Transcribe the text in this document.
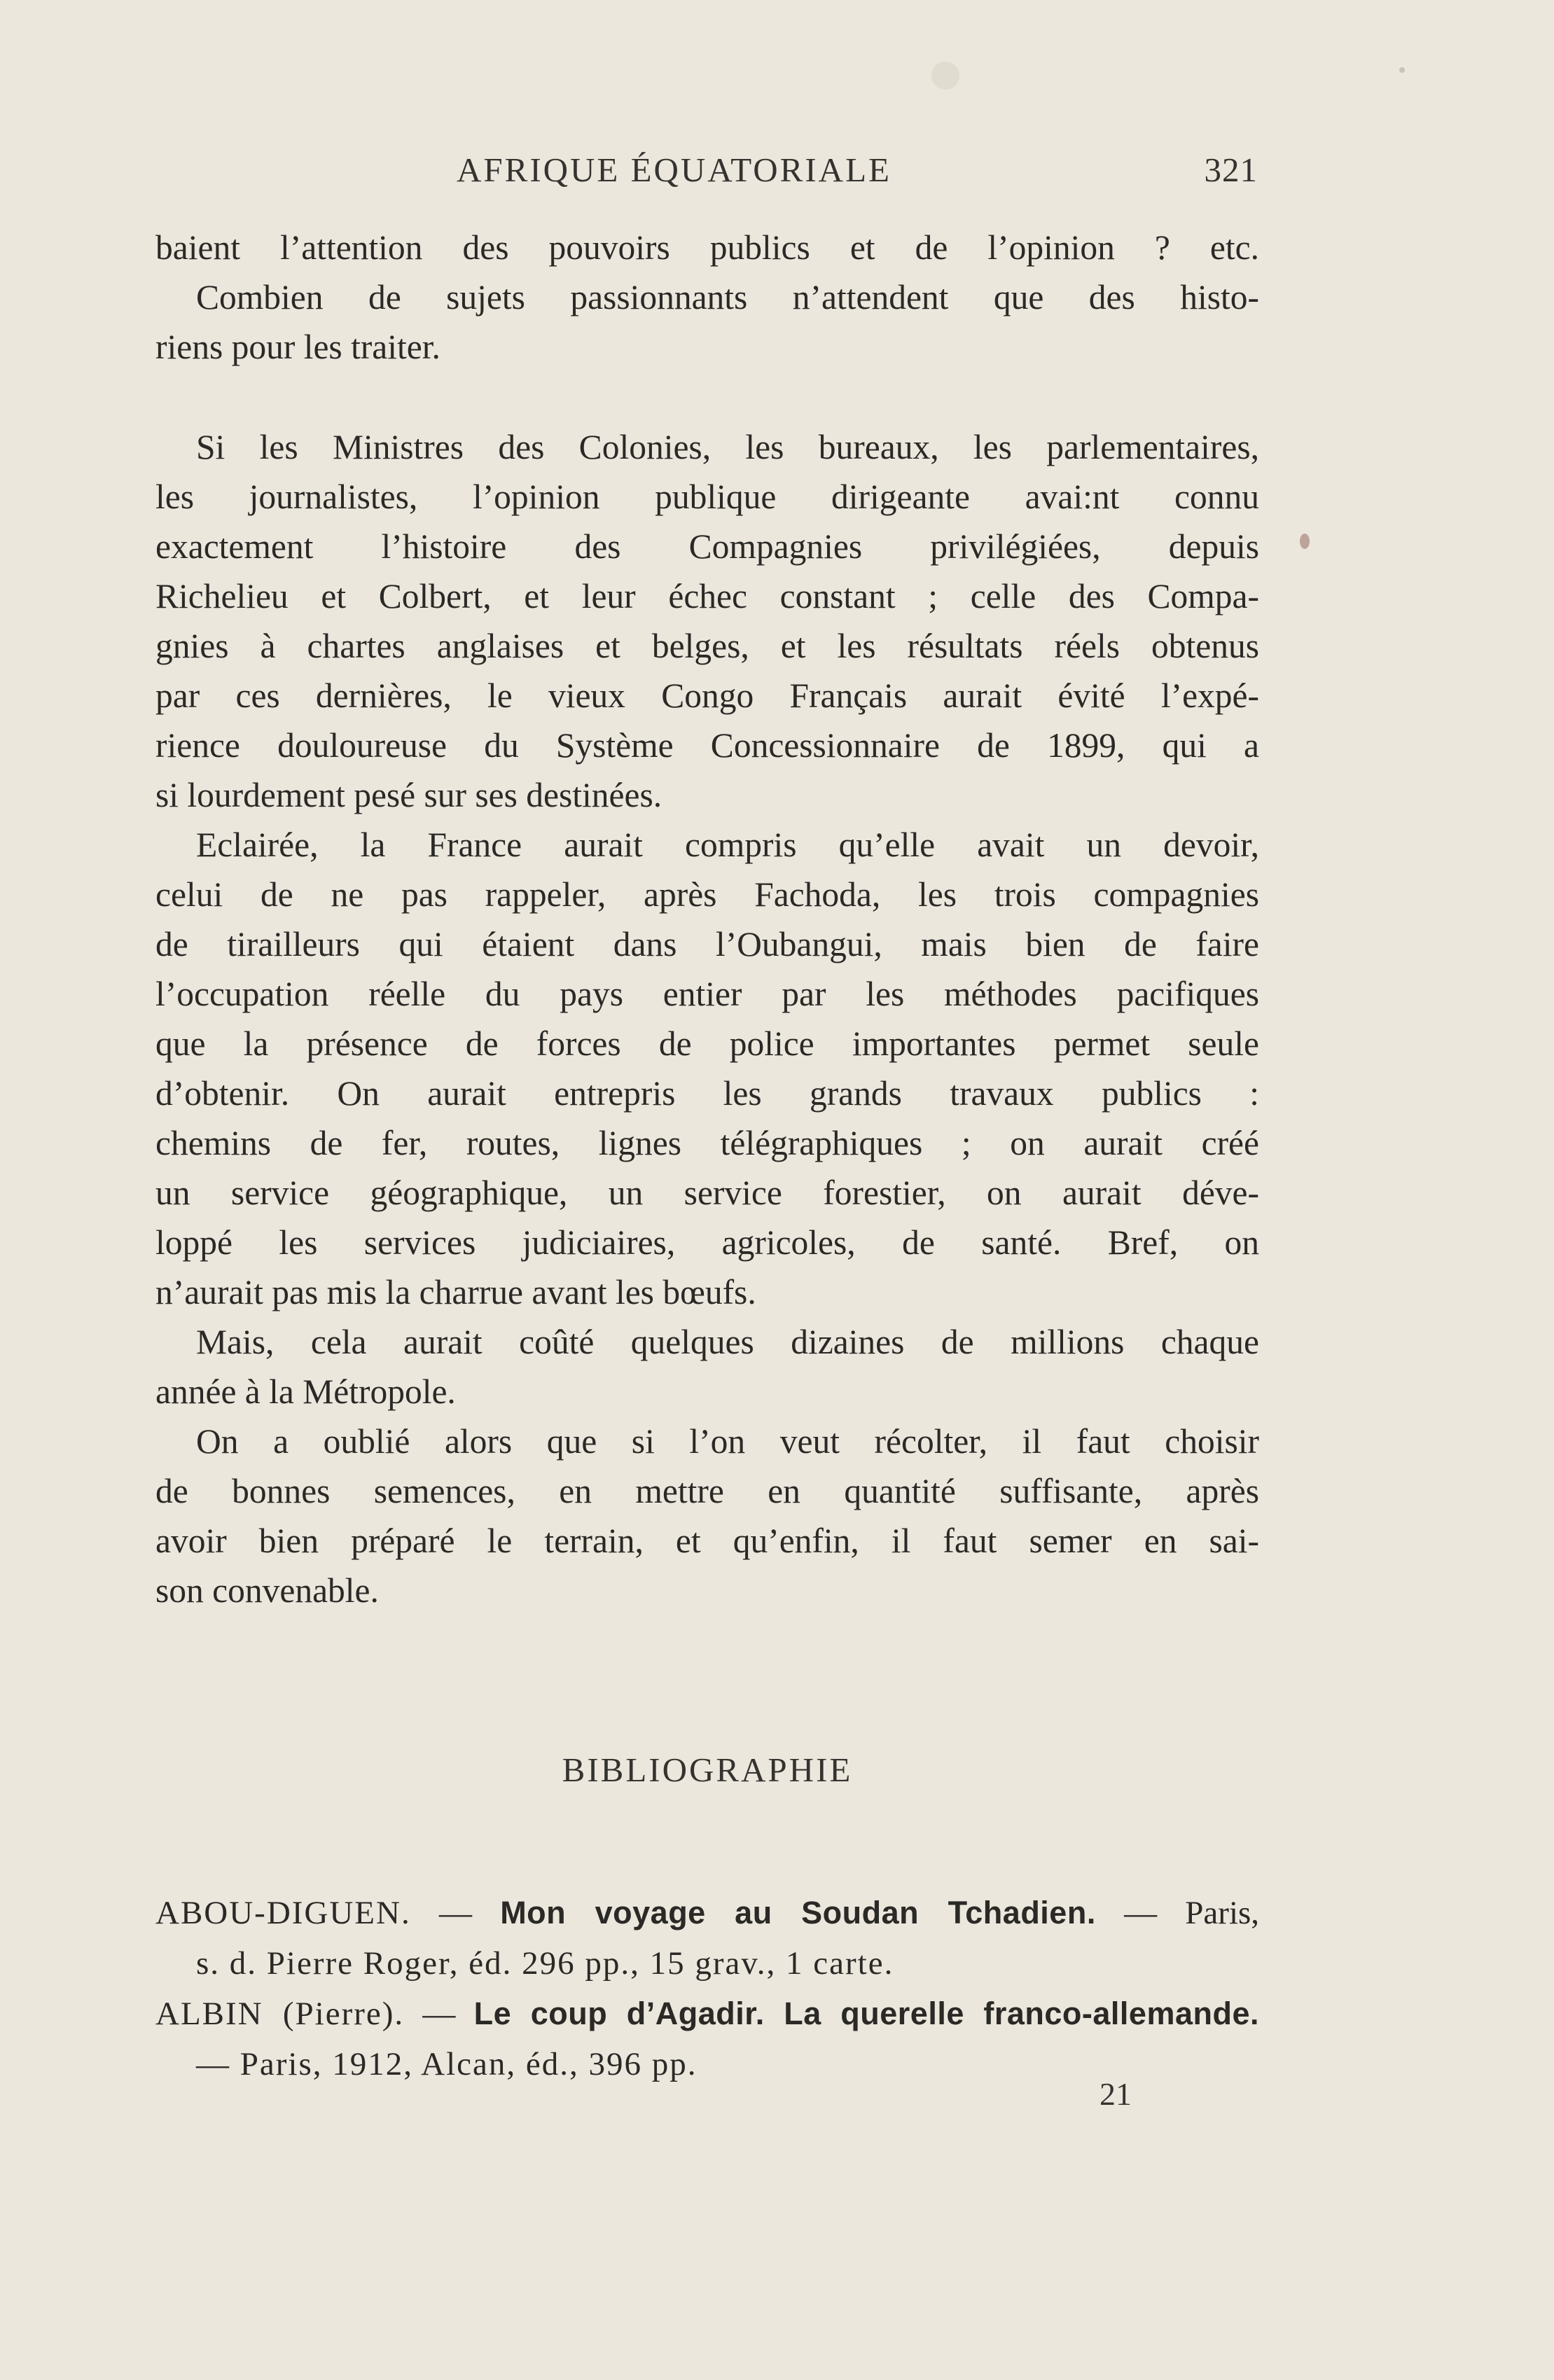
AFRIQUE ÉQUATORIALE	321
baient l’attention des pouvoirs publics et de l’opinion ? etc.
Combien de sujets passionnants n’attendent que des histo-
riens pour les traiter.
Si les Ministres des Colonies, les bureaux, les parlementaires,
les journalistes, l’opinion publique dirigeante avai:nt connu
exactement l’histoire des Compagnies privilégiées, depuis
Richelieu et Colbert, et leur échec constant ; celle des Compa-
gnies à chartes anglaises et belges, et les résultats réels obtenus
par ces dernières, le vieux Congo Français aurait évité l’expé-
rience douloureuse du Système Concessionnaire de 1899, qui a
si lourdement pesé sur ses destinées.
Eclairée, la France aurait compris qu’elle avait un devoir,
celui de ne pas rappeler, après Fachoda, les trois compagnies
de tirailleurs qui étaient dans l’Oubangui, mais bien de faire
l’occupation réelle du pays entier par les méthodes pacifiques
que la présence de forces de police importantes permet seule
d’obtenir. On aurait entrepris les grands travaux publics :
chemins de fer, routes, lignes télégraphiques ; on aurait créé
un service géographique, un service forestier, on aurait déve-
loppé les services judiciaires, agricoles, de santé. Bref, on
n’aurait pas mis la charrue avant les bœufs.
Mais, cela aurait coûté quelques dizaines de millions chaque
année à la Métropole.
On a oublié alors que si l’on veut récolter, il faut choisir
de bonnes semences, en mettre en quantité suffisante, après
avoir bien préparé le terrain, et qu’enfin, il faut semer en sai-
son convenable.
BIBLIOGRAPHIE
ABOU-DIGUEN. — Mon voyage au Soudan Tchadien. — Paris,
s. d. Pierre Roger, éd. 296 pp., 15 grav., 1 carte.
ALBIN (Pierre). — Le coup d’Agadir. La querelle franco-allemande.
— Paris, 1912, Alcan, éd., 396 pp.
21
